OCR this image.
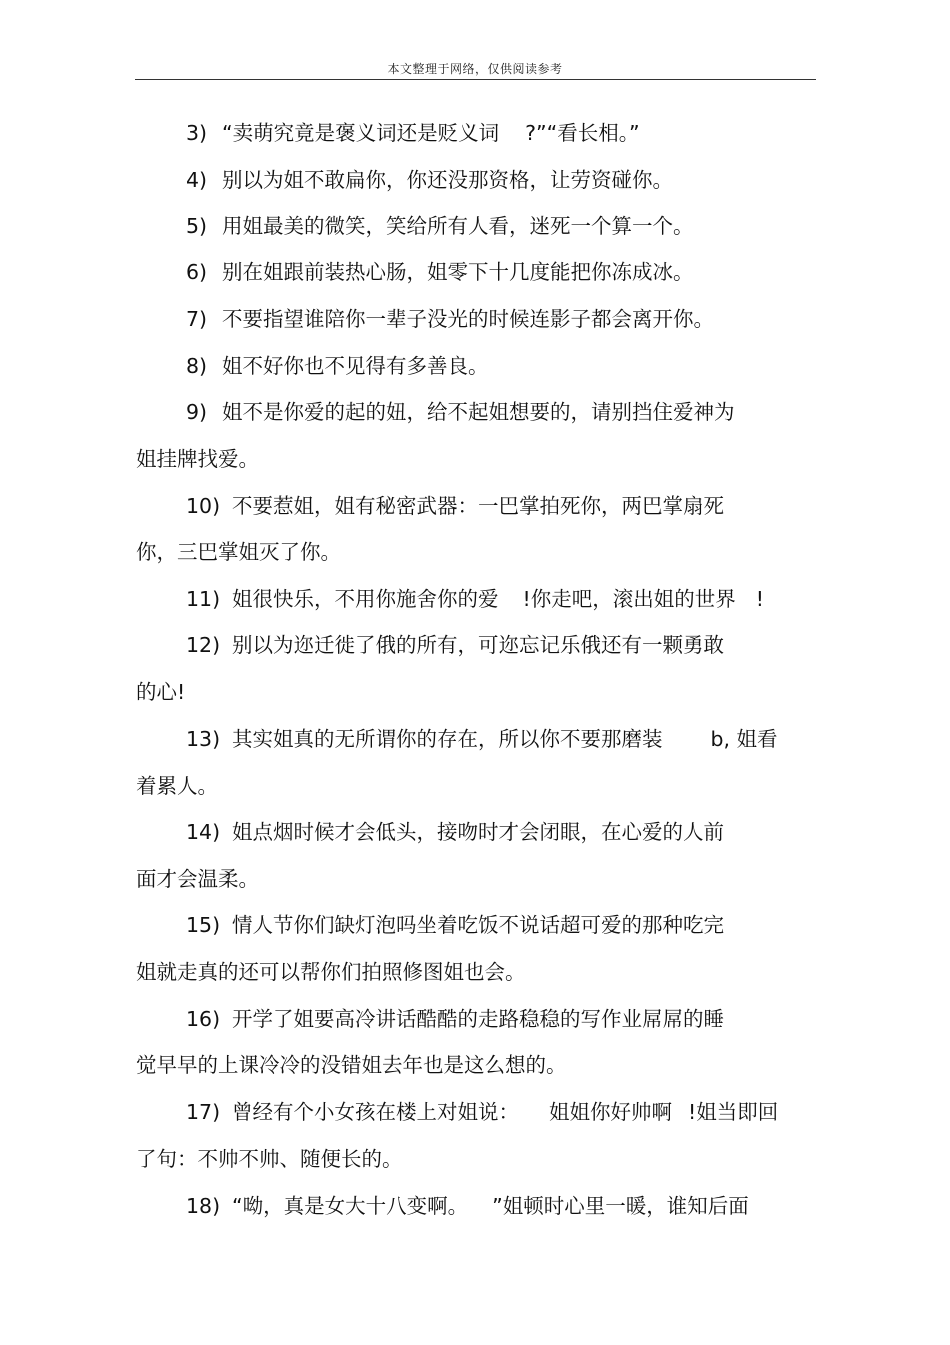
本文整理于网络，仅供阅读参考
3) “卖萌究竟是褒义词还是贬义词 ?”“看长相。”
4) 别以为姐不敢扁你，你还没那资格，让劳资碰你。
5) 用姐最美的微笑，笑给所有人看，迷死一个算一个。
6) 别在姐跟前装热心肠，姐零下十几度能把你冻成冰。
7) 不要指望谁陪你一辈子没光的时候连影子都会离开你。
8) 姐不好你也不见得有多善良。
9) 姐不是你爱的起的妞，给不起姐想要的，请别挡住爱神为
姐挂牌找爱。
10) 不要惹姐，姐有秘密武器：一巴掌拍死你，两巴掌扇死
你，三巴掌姐灭了你。
11) 姐很快乐，不用你施舍你的爱 !你走吧，滚出姐的世界 !
12) 别以为迩迁徙了俄的所有，可迩忘记乐俄还有一颗勇敢
的心!
13) 其实姐真的无所谓你的存在，所以你不要那磨装 b, 姐看
着累人。
14) 姐点烟时候才会低头，接吻时才会闭眼，在心爱的人前
面才会温柔。
15) 情人节你们缺灯泡吗坐着吃饭不说话超可爱的那种吃完
姐就走真的还可以帮你们拍照修图姐也会。
16) 开学了姐要高冷讲话酷酷的走路稳稳的写作业屌屌的睡
觉早早的上课冷冷的没错姐去年也是这么想的。
17) 曾经有个小女孩在楼上对姐说： 姐姐你好帅啊 !姐当即回
了句：不帅不帅、随便长的。
18) “呦，真是女大十八变啊。 ”姐顿时心里一暖，谁知后面
